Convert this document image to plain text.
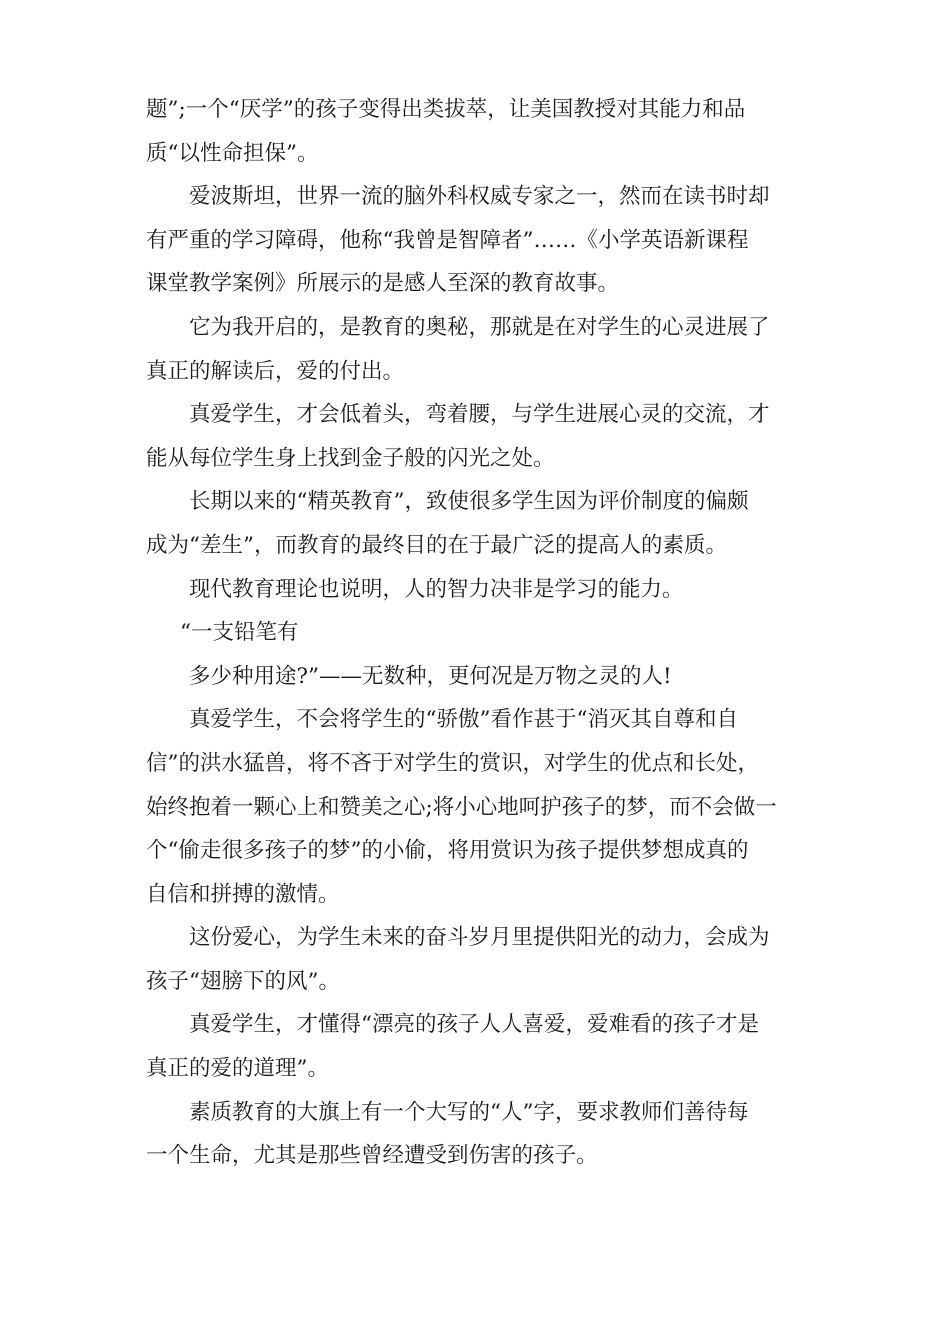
题”;一个“厌学”的孩子变得出类拔萃，让美国教授对其能力和品
质“以性命担保”。
爱波斯坦，世界一流的脑外科权威专家之一，然而在读书时却
有严重的学习障碍，他称“我曾是智障者”……《小学英语新课程
课堂教学案例》所展示的是感人至深的教育故事。
它为我开启的，是教育的奥秘，那就是在对学生的心灵进展了
真正的解读后，爱的付出。
真爱学生，才会低着头，弯着腰，与学生进展心灵的交流，才
能从每位学生身上找到金子般的闪光之处。
长期以来的“精英教育”，致使很多学生因为评价制度的偏颇
成为“差生”，而教育的最终目的在于最广泛的提高人的素质。
现代教育理论也说明，人的智力决非是学习的能力。
“一支铅笔有
多少种用途?”——无数种，更何况是万物之灵的人!
真爱学生，不会将学生的“骄傲”看作甚于“消灭其自尊和自
信”的洪水猛兽，将不吝于对学生的赏识，对学生的优点和长处，
始终抱着一颗心上和赞美之心;将小心地呵护孩子的梦，而不会做一
个“偷走很多孩子的梦”的小偷，将用赏识为孩子提供梦想成真的
自信和拼搏的激情。
这份爱心，为学生未来的奋斗岁月里提供阳光的动力，会成为
孩子“翅膀下的风”。
真爱学生，才懂得“漂亮的孩子人人喜爱，爱难看的孩子才是
真正的爱的道理”。
素质教育的大旗上有一个大写的“人”字，要求教师们善待每
一个生命，尤其是那些曾经遭受到伤害的孩子。
